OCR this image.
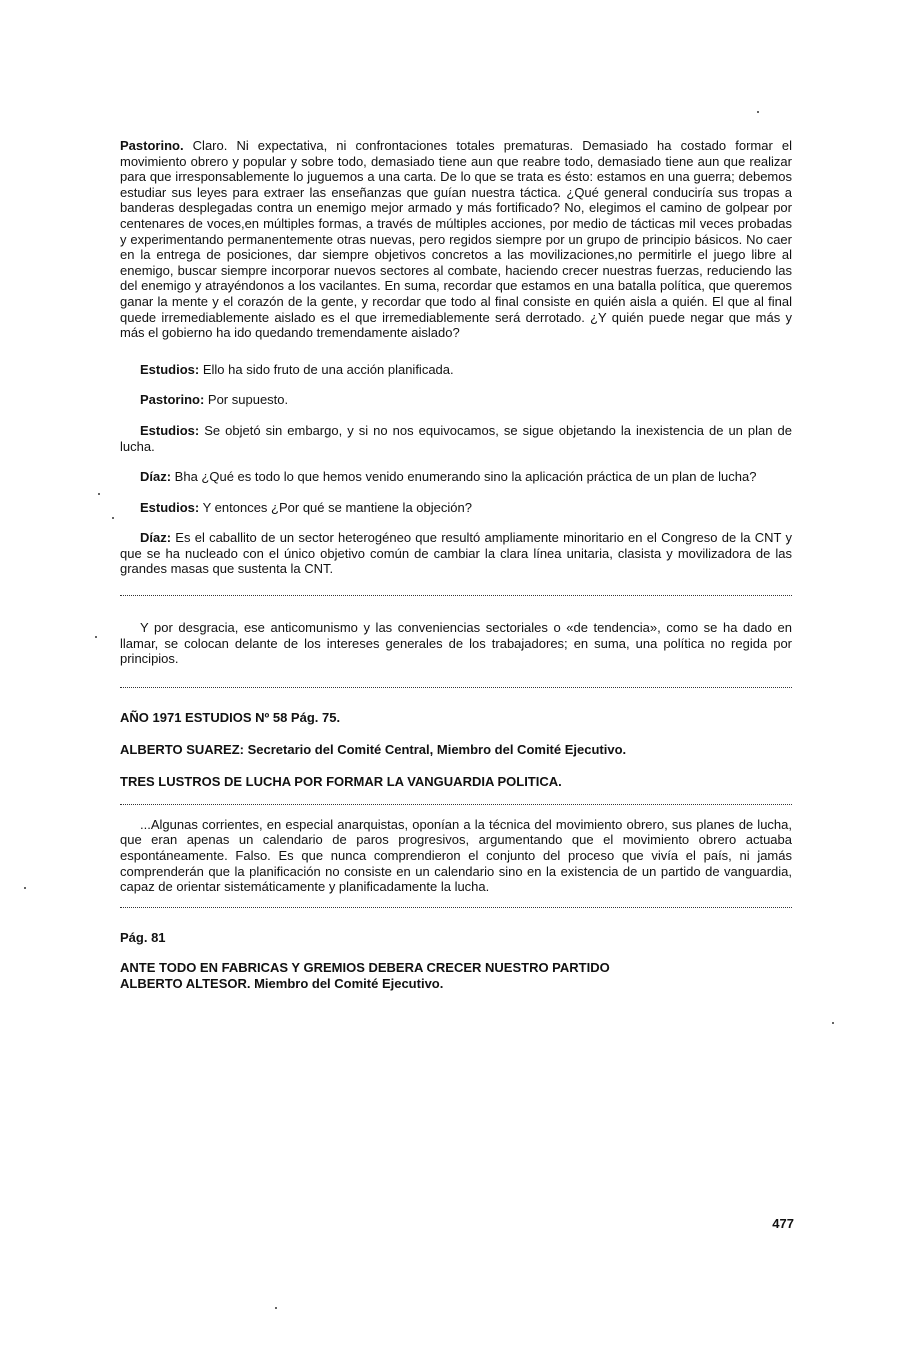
Pastorino. Claro. Ni expectativa, ni confrontaciones totales prematuras. Demasiado ha costado formar el movimiento obrero y popular y sobre todo, demasiado tiene aun que reabre todo, demasiado tiene aun que realizar para que irresponsablemente lo juguemos a una carta. De lo que se trata es ésto: estamos en una guerra; debemos estudiar sus leyes para extraer las enseñanzas que guían nuestra táctica. ¿Qué general conduciría sus tropas a banderas desplegadas contra un enemigo mejor armado y más fortificado? No, elegimos el camino de golpear por centenares de voces,en múltiples formas, a través de múltiples acciones, por medio de tácticas mil veces probadas y experimentando permanentemente otras nuevas, pero regidos siempre por un grupo de principio básicos. No caer en la entrega de posiciones, dar siempre objetivos concretos a las movilizaciones,no permitirle el juego libre al enemigo, buscar siempre incorporar nuevos sectores al combate, haciendo crecer nuestras fuerzas, reduciendo las del enemigo y atrayéndonos a los vacilantes. En suma, recordar que estamos en una batalla política, que queremos ganar la mente y el corazón de la gente, y recordar que todo al final consiste en quién aisla a quién. El que al final quede irremediablemente aislado es el que irremediablemente será derrotado. ¿Y quién puede negar que más y más el gobierno ha ido quedando tremendamente aislado?

Estudios: Ello ha sido fruto de una acción planificada.

Pastorino: Por supuesto.

Estudios: Se objetó sin embargo, y si no nos equivocamos, se sigue objetando la inexistencia de un plan de lucha.

Díaz: Bha ¿Qué es todo lo que hemos venido enumerando sino la aplicación práctica de un plan de lucha?

Estudios: Y entonces ¿Por qué se mantiene la objeción?

Díaz: Es el caballito de un sector heterogéneo que resultó ampliamente minoritario en el Congreso de la CNT y que se ha nucleado con el único objetivo común de cambiar la clara línea unitaria, clasista y movilizadora de las grandes masas que sustenta la CNT.

Y por desgracia, ese anticomunismo y las conveniencias sectoriales o «de tendencia», como se ha dado en llamar, se colocan delante de los intereses generales de los trabajadores; en suma, una política no regida por principios.

AÑO 1971 ESTUDIOS Nº 58 Pág. 75.
ALBERTO SUAREZ: Secretario del Comité Central, Miembro del Comité Ejecutivo.
TRES LUSTROS DE LUCHA POR FORMAR LA VANGUARDIA POLITICA.

...Algunas corrientes, en especial anarquistas, oponían a la técnica del movimiento obrero, sus planes de lucha, que eran apenas un calendario de paros progresivos, argumentando que el movimiento obrero actuaba espontáneamente. Falso. Es que nunca comprendieron el conjunto del proceso que vivía el país, ni jamás comprenderán que la planificación no consiste en un calendario sino en la existencia de un partido de vanguardia, capaz de orientar sistemáticamente y planificadamente la lucha.

Pág. 81
ANTE TODO EN FABRICAS Y GREMIOS DEBERA CRECER NUESTRO PARTIDO
ALBERTO ALTESOR. Miembro del Comité Ejecutivo.
477
